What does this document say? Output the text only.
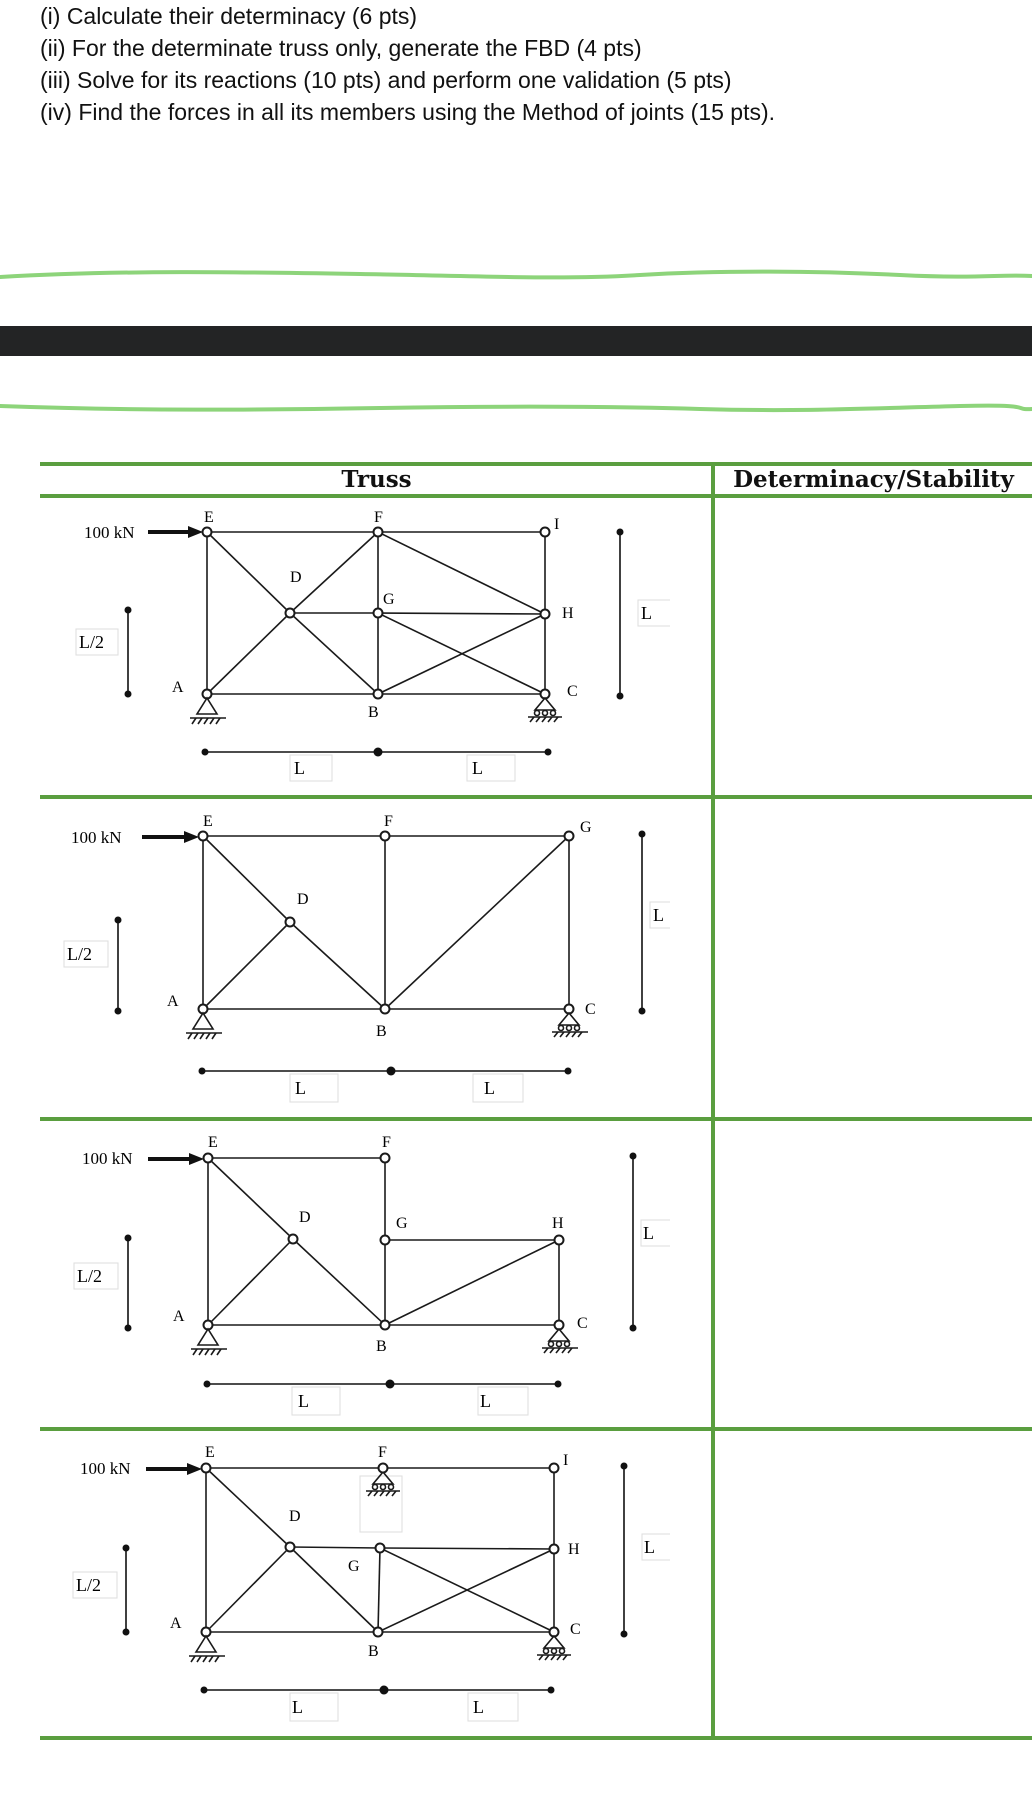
(i) Calculate their determinacy (6 pts)
(ii) For the determinate truss only, generate the FBD (4 pts)
(iii) Solve for its reactions (10 pts) and perform one validation (5 pts)
(iv) Find the forces in all its members using the Method of joints (15 pts).
Truss	Determinacy/Stability
100 kN
L/2
L
L	L
E	F
D
G
I
H
A
B
C
100 kN
L/2
L
L	L
E	F	G
D
A
B
C
100 kN
L/2
L
L	L
E	F
D	G	H
A
B
C
100 kN
L/2
L
L	L
E	F
D
G
I
H
A
B
C
